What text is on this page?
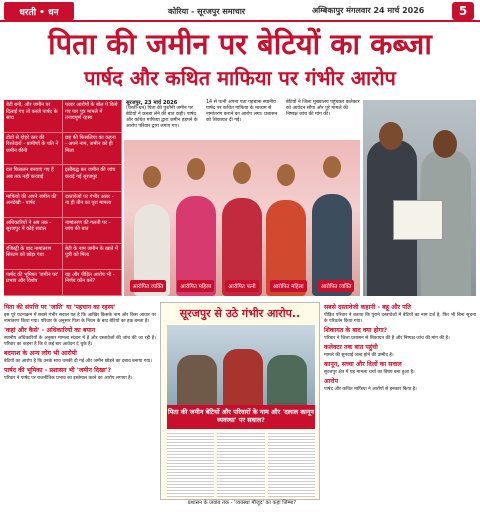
धरती • धन	कोरिया - सूरजपुर समाचार	अम्बिकापुर मंगलवार 24 मार्च 2026	5
पिता की जमीन पर बेटियों का कब्जा
पार्षद और कथित माफिया पर गंभीर आरोप
बेटी बनी, और जमीन पर दिलाई गए तो कब्जे पार्षद के साथ
परबर आरोपों के बोल पे किये गए पार पुत्र मामले में तनावपूर्ण रहस्य
डोडो से दोहरे स्तर की रिश्तेदारों - ग्रामीणों के पति ने जमीन छीनी
छह की फिसलिया का कहना - अपने नाम, जमीन को ही मिला
दस फिसलन बनवाएं गए हैं अब तक नहीं करवाई
इसीबद्ध कर जमीन की जांच कराई गई सूरजपुर
माफियो की अपने जमीन की अनदेखी - पार्षद
दस्तावेजों पर गंभीर असर - ना ही तीन का पूरा मामला
अधिकारियों ने अब तक - सूरजपुर में कोई सवाल
नामांतरण की गलती पर - जांच की बात
रजिस्ट्री के बाद नामांतरण सिस्टम को छोड़ा गया
बेटी के नाम जमीन के ख़ाते में पुत्री को मिला
पार्षद की भूमिका 'जमीन पर' प्रभाव और विशेष
यह और पीड़ित आरोप भी - निर्णय कौन करे?
सूरजपुर, 23 मार्च 2026
(धरती-धन) पिता की पुश्तैनी जमीन पर बेटियों ने कब्जा लेने की बात कही। पार्षद और कथित माफिया द्वारा जमीन हड़पने के आरोप परिवार द्वारा लगाए गए।
14 से पत्नी अपना पता पहचाना स्थानीय पार्षद पर कथित माफिया के माध्यम से नामांतरण कराने का आरोप लगा। प्रशासन को शिकायत दी गई।
बेटियों ने जिला मुख्यालय पहुंचकर कलेक्टर को आवेदन सौंपा और पूरे मामले की निष्पक्ष जांच की मांग की।
आरोपित व्यक्ति	आरोपित महिला	आरोपित पत्नी	आरोपित महिला	आरोपित व्यक्ति
पिता की संपत्ति पर 'जाति' या 'पहचान का रहस्य'

इस पूरे घटनाक्रम में सबसे गंभीर सवाल यह है कि आखिर किसके नाम और किस आधार पर नामांतरण किया गया। परिवार के अनुसार पिता के निधन के बाद बेटियों का हक बनता है।

'कहां और कैसे' - अधिकारियों का बयान

स्थानीय अधिकारियों के अनुसार मामला संज्ञान में है और दस्तावेजों की जांच की जा रही है। परिवार का कहना है कि वे कई बार आवेदन दे चुके हैं।

बदमाश के अन्य लोग भी आरोपी

बेटियों का आरोप है कि उनके साथ धमकी दी गई और जमीन छोड़ने का दबाव बनाया गया।

पार्षद की भूमिका - प्रशासन भी 'जमीन दिखा'?

परिवार ने पार्षद पर राजनीतिक प्रभाव का इस्तेमाल करने का आरोप लगाया है।

सूरजपुर से उठे गंभीर आरोप..
पिता की जमीन बेटियों और परिवारों के नाम और 'दलाल कानून व्यवस्था' पर सवाल?
प्रशासन के जवाब तक - 'व्यवस्था मौजूद' का कहा जिम्मा?
सबसे दस्तावेजी कहानी - बहू और पति

पीड़ित परिवार ने बताया कि पुराने दस्तावेजों में बेटियों का नाम दर्ज है, फिर भी बिना सूचना के परिवर्तन किया गया।

शिकायत के बाद क्या होगा?

परिवार ने जिला प्रशासन से शिकायत की है और निष्पक्ष जांच की मांग की है।

कलेक्टर तक बात पहुंची

मामले की सुनवाई जल्द होने की उम्मीद है।

कानून, सच्चा और दिलों का सवाल

सूरजपुर क्षेत्र में यह मामला चर्चा का विषय बना हुआ है।

आरोप

पार्षद और कथित माफिया ने आरोपों से इनकार किया है।
